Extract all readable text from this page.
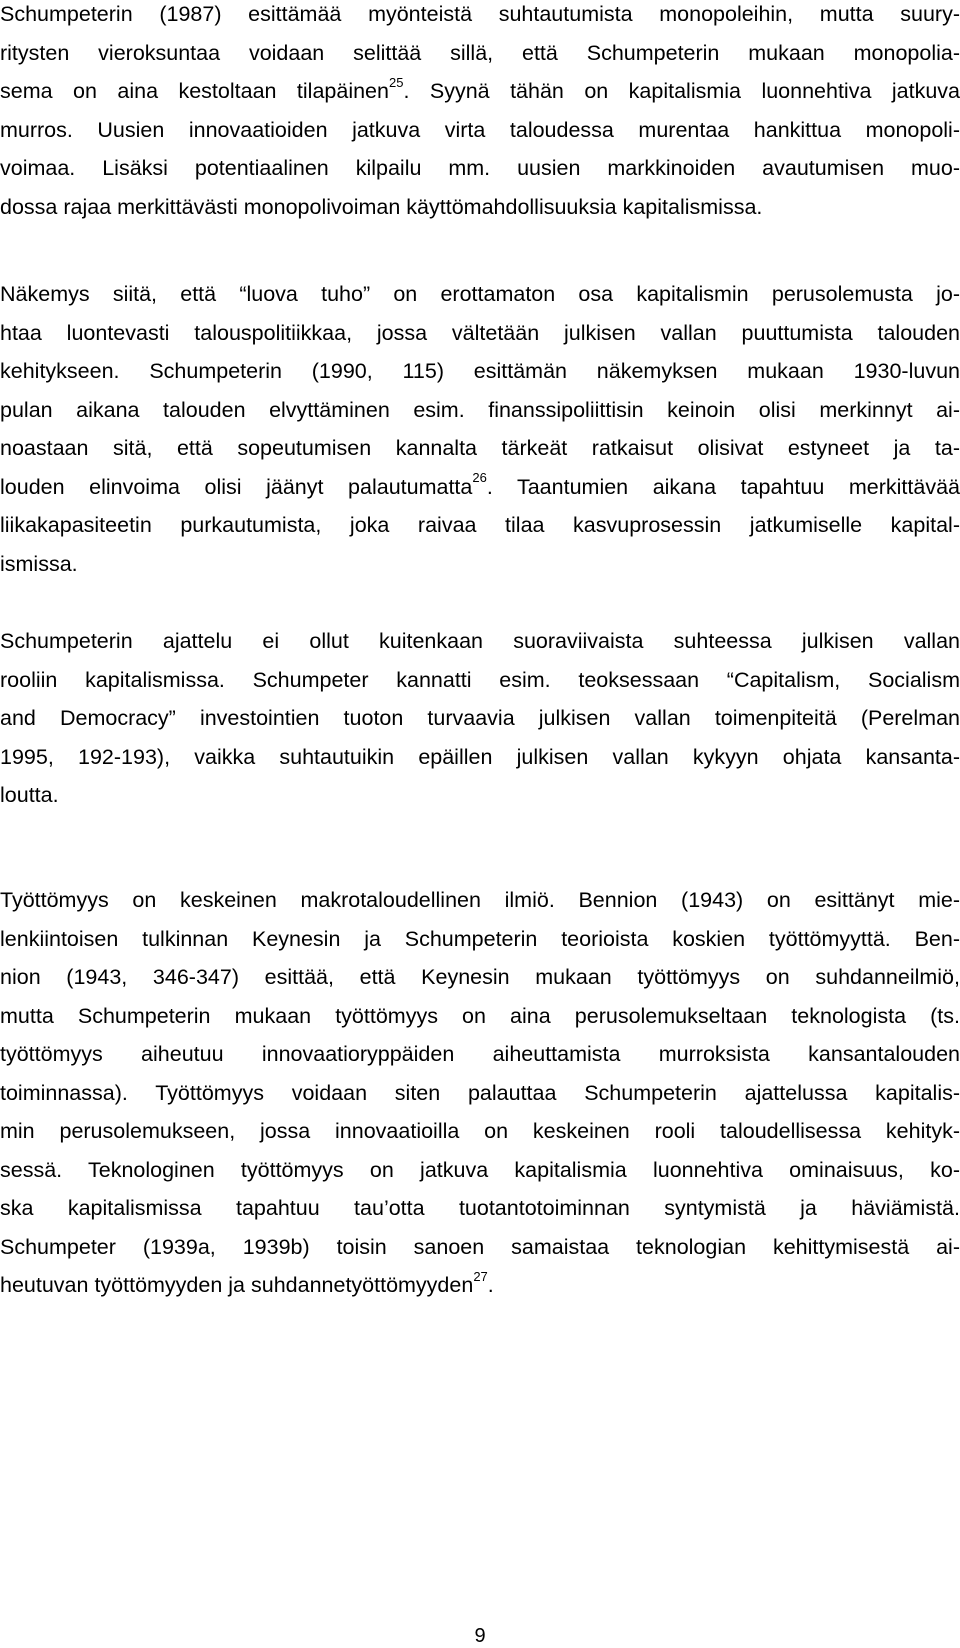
Schumpeterin (1987) esittämää myönteistä suhtautumista monopoleihin, mutta suury-
ritysten vieroksuntaa voidaan selittää sillä, että Schumpeterin mukaan monopolia-
sema on aina kestoltaan tilapäinen$^{25}$. Syynä tähän on kapitalismia luonnehtiva jatkuva
murros. Uusien innovaatioiden jatkuva virta taloudessa murentaa hankittua monopoli-
voimaa. Lisäksi potentiaalinen kilpailu mm. uusien markkinoiden avautumisen muo-
dossa rajaa merkittävästi monopolivoiman käyttömahdollisuuksia kapitalismissa.
Näkemys siitä, että “luova tuho” on erottamaton osa kapitalismin perusolemusta jo-
htaa luontevasti talouspolitiikkaa, jossa vältetään julkisen vallan puuttumista talouden
kehitykseen. Schumpeterin (1990, 115) esittämän näkemyksen mukaan 1930-luvun
pulan aikana talouden elvyttäminen esim. finanssipoliittisin keinoin olisi merkinnyt ai-
noastaan sitä, että sopeutumisen kannalta tärkeät ratkaisut olisivat estyneet ja ta-
louden elinvoima olisi jäänyt palautumatta$^{26}$. Taantumien aikana tapahtuu merkittävää
liikakapasiteetin purkautumista, joka raivaa tilaa kasvuprosessin jatkumiselle kapital-
ismissa.
Schumpeterin ajattelu ei ollut kuitenkaan suoraviivaista suhteessa julkisen vallan
rooliin kapitalismissa. Schumpeter kannatti esim. teoksessaan “Capitalism, Socialism
and Democracy” investointien tuoton turvaavia julkisen vallan toimenpiteitä (Perelman
1995, 192-193), vaikka suhtautuikin epäillen julkisen vallan kykyyn ohjata kansanta-
loutta.
Työttömyys on keskeinen makrotaloudellinen ilmiö. Bennion (1943) on esittänyt mie-
lenkiintoisen tulkinnan Keynesin ja Schumpeterin teorioista koskien työttömyyttä. Ben-
nion (1943, 346-347) esittää, että Keynesin mukaan työttömyys on suhdanneilmiö,
mutta Schumpeterin mukaan työttömyys on aina perusolemukseltaan teknologista (ts.
työttömyys aiheutuu innovaatioryppäiden aiheuttamista murroksista kansantalouden
toiminnassa). Työttömyys voidaan siten palauttaa Schumpeterin ajattelussa kapitalis-
min perusolemukseen, jossa innovaatioilla on keskeinen rooli taloudellisessa kehityk-
sessä. Teknologinen työttömyys on jatkuva kapitalismia luonnehtiva ominaisuus, ko-
ska kapitalismissa tapahtuu tau’otta tuotantotoiminnan syntymistä ja häviämistä.
Schumpeter (1939a, 1939b) toisin sanoen samaistaa teknologian kehittymisestä ai-
heutuvan työttömyyden ja suhdannetyöttömyyden$^{27}$.
9
